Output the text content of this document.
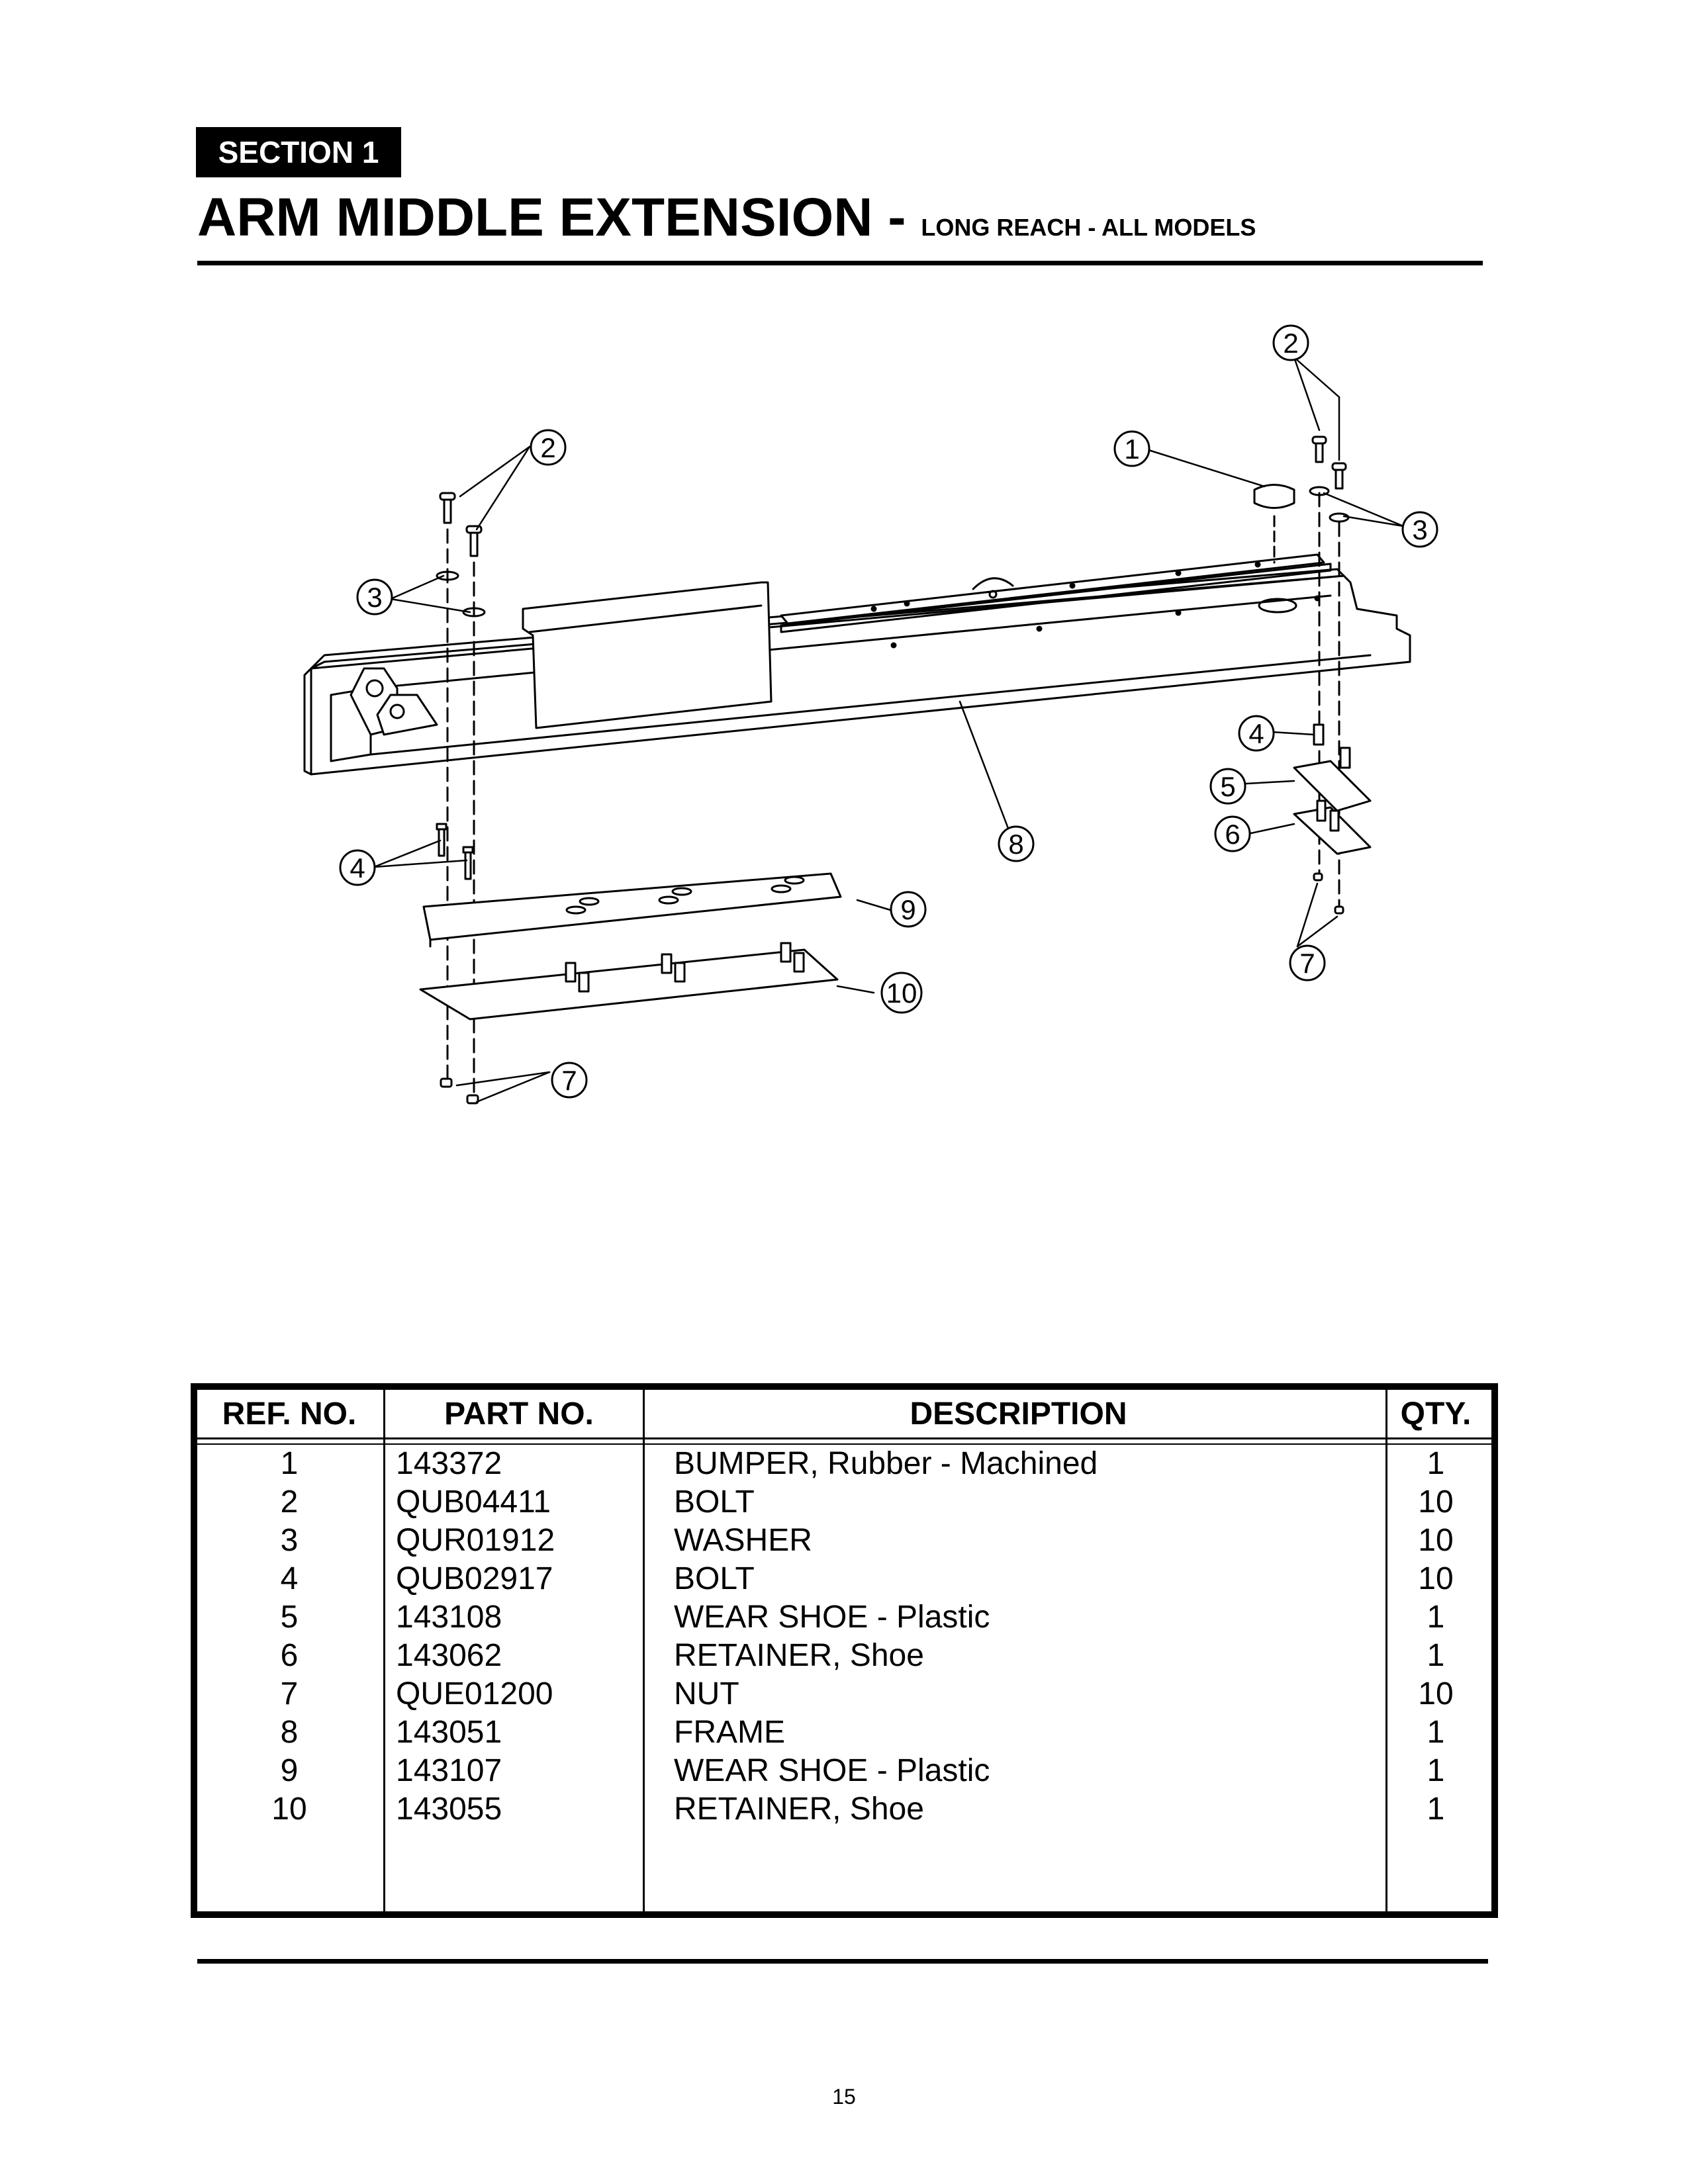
SECTION 1
ARM MIDDLE EXTENSION - LONG REACH - ALL MODELS
1
2
2
3
3
4
4
5
6
7
7
8
9
10
REF. NO.	PART NO.	DESCRIPTION	QTY.

1	143372	BUMPER, Rubber - Machined	1
2	QUB04411	BOLT	10
3	QUR01912	WASHER	10
4	QUB02917	BOLT	10
5	143108	WEAR SHOE - Plastic	1
6	143062	RETAINER, Shoe	1
7	QUE01200	NUT	10
8	143051	FRAME	1
9	143107	WEAR SHOE - Plastic	1
10	143055	RETAINER, Shoe	1
15
